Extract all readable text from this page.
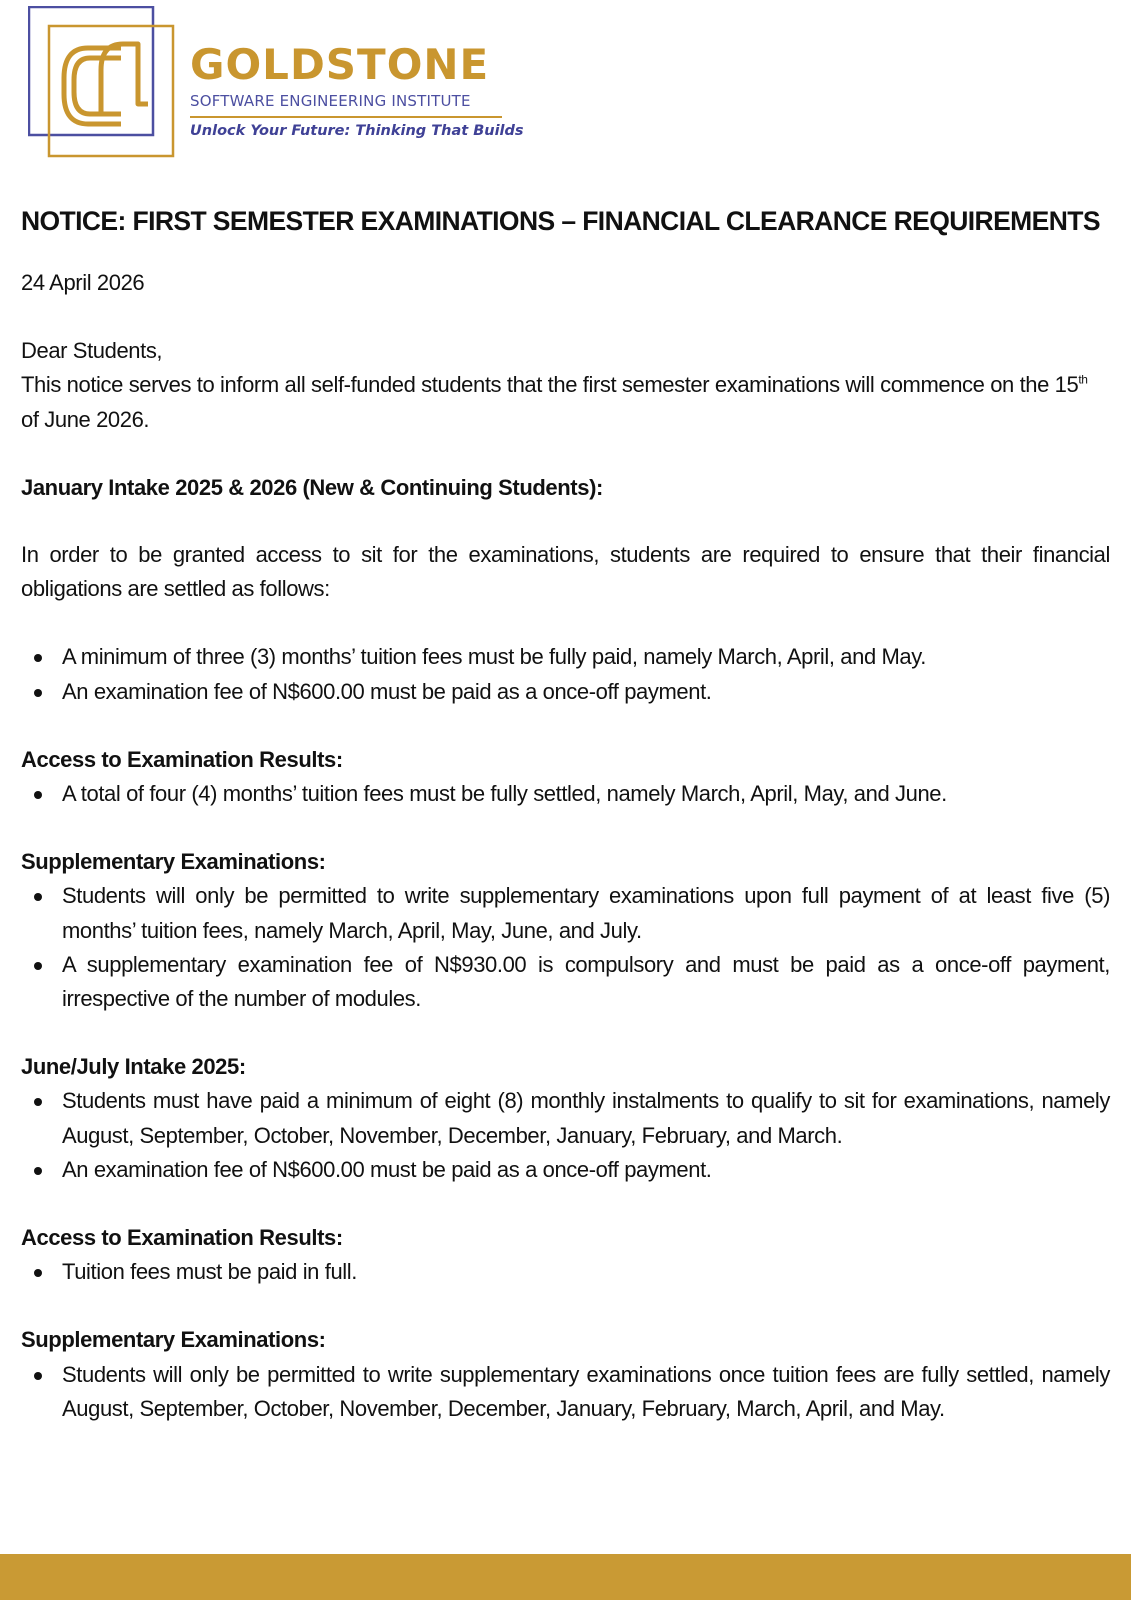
GOLDSTONE
SOFTWARE ENGINEERING INSTITUTE
Unlock Your Future: Thinking That Builds
NOTICE: FIRST SEMESTER EXAMINATIONS – FINANCIAL CLEARANCE REQUIREMENTS

24 April 2026

Dear Students,

This notice serves to inform all self-funded students that the first semester examinations will commence on the 15th of June 2026.

January Intake 2025 & 2026 (New & Continuing Students):

In order to be granted access to sit for the examinations, students are required to ensure that their financial obligations are settled as follows:

A minimum of three (3) months’ tuition fees must be fully paid, namely March, April, and May.
An examination fee of N$600.00 must be paid as a once-off payment.

Access to Examination Results:

A total of four (4) months’ tuition fees must be fully settled, namely March, April, May, and June.

Supplementary Examinations:

Students will only be permitted to write supplementary examinations upon full payment of at least five (5) months’ tuition fees, namely March, April, May, June, and July.
A supplementary examination fee of N$930.00 is compulsory and must be paid as a once-off payment, irrespective of the number of modules.

June/July Intake 2025:

Students must have paid a minimum of eight (8) monthly instalments to qualify to sit for examinations, namely August, September, October, November, December, January, February, and March.
An examination fee of N$600.00 must be paid as a once-off payment.

Access to Examination Results:

Tuition fees must be paid in full.

Supplementary Examinations:

Students will only be permitted to write supplementary examinations once tuition fees are fully settled, namely August, September, October, November, December, January, February, March, April, and May.
